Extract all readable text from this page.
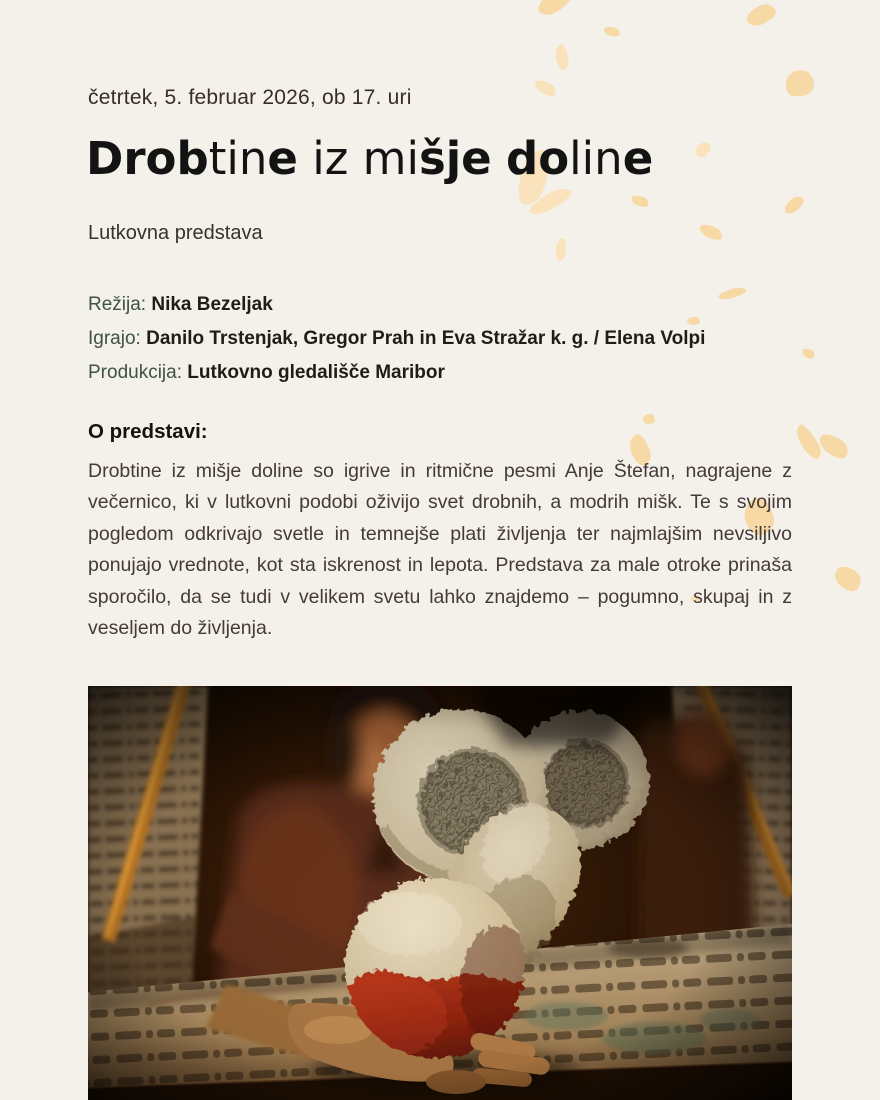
četrtek, 5. februar 2026, ob 17. uri
Drobtine iz mišje doline
Lutkovna predstava
Režija: Nika Bezeljak
Igrajo: Danilo Trstenjak, Gregor Prah in Eva Stražar k. g. / Elena Volpi
Produkcija: Lutkovno gledališče Maribor
O predstavi:

Drobtine iz mišje doline so igrive in ritmične pesmi Anje Štefan, nagrajene z večernico, ki v lutkovni podobi oživijo svet drobnih, a modrih mišk. Te s svojim pogledom odkrivajo svetle in temnejše plati življenja ter najmlajšim nevsiljivo ponujajo vrednote, kot sta iskrenost in lepota. Predstava za male otroke prinaša sporočilo, da se tudi v velikem svetu lahko znajdemo – pogumno, skupaj in z veseljem do življenja.
